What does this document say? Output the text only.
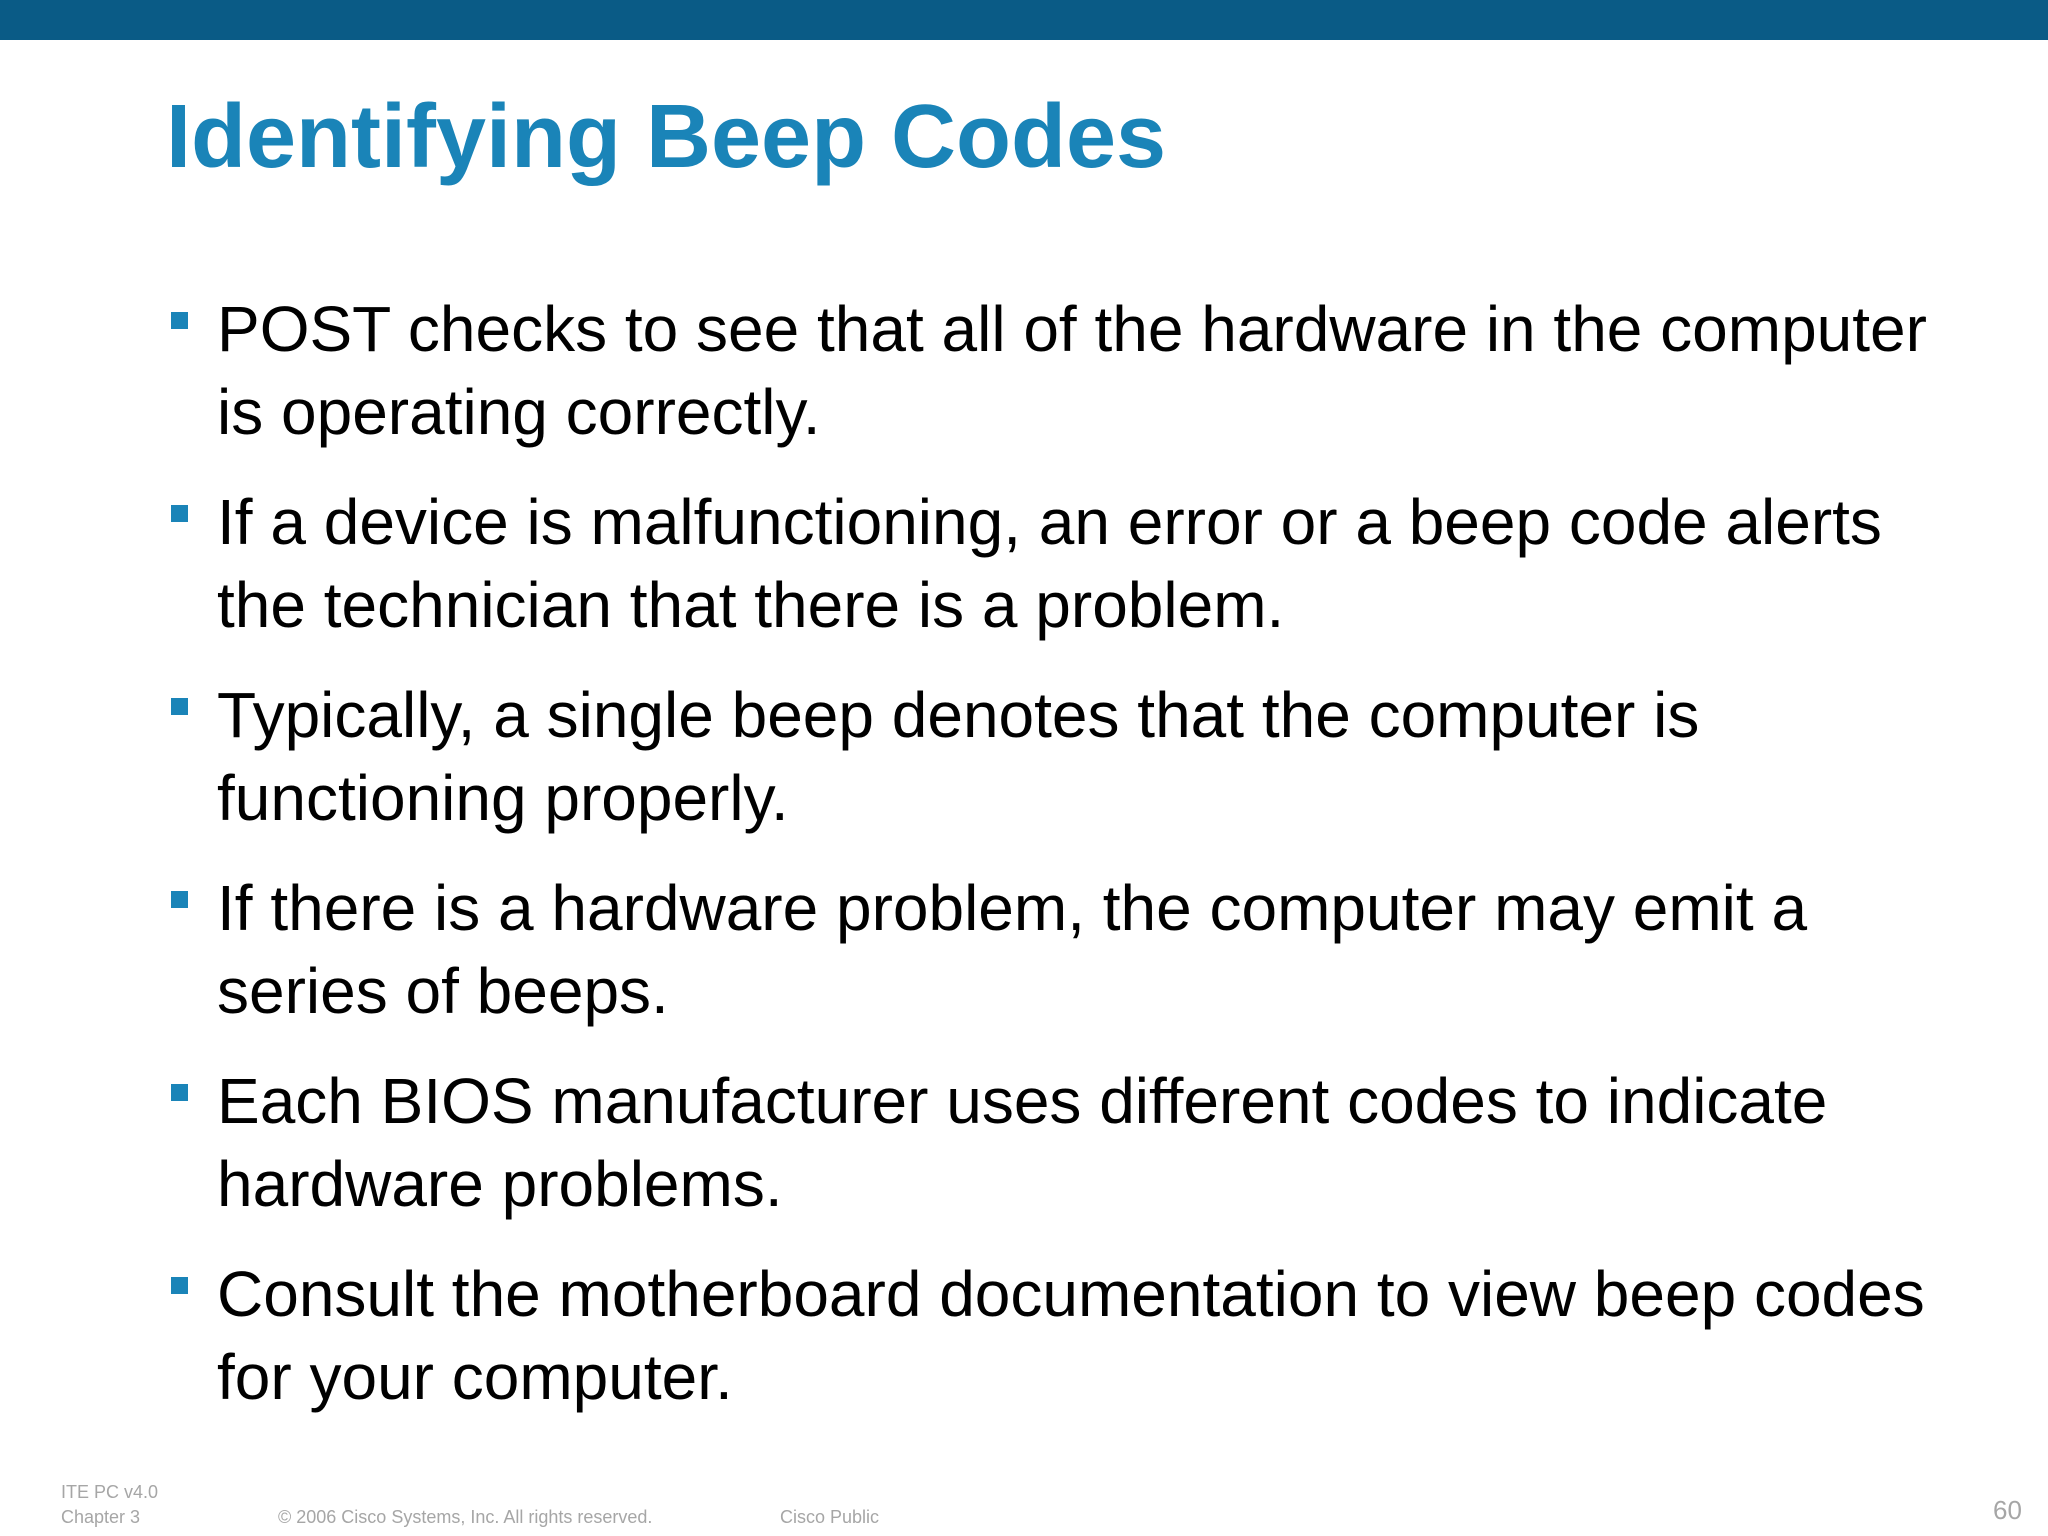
Identifying Beep Codes
POST checks to see that all of the hardware in the computer is operating correctly.
If a device is malfunctioning, an error or a beep code alerts the technician that there is a problem.
Typically, a single beep denotes that the computer is functioning properly.
If there is a hardware problem, the computer may emit a series of beeps.
Each BIOS manufacturer uses different codes to indicate hardware problems.
Consult the motherboard documentation to view beep codes for your computer.
ITE PC v4.0
Chapter 3	© 2006 Cisco Systems, Inc. All rights reserved.	Cisco Public	60
